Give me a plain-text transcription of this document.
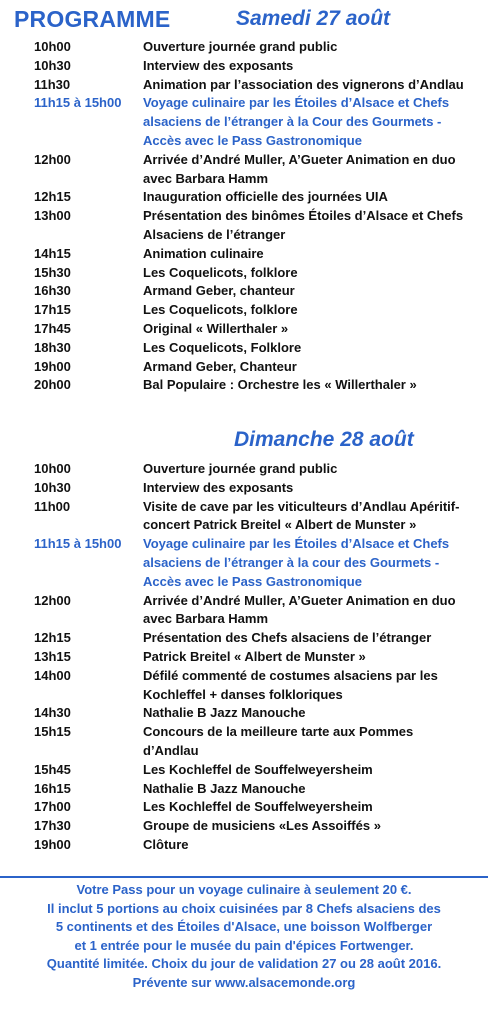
PROGRAMME	Samedi 27 août
10h00	Ouverture journée grand public
10h30	Interview des exposants
11h30	Animation par l’association des vignerons d’Andlau
11h15 à 15h00	Voyage culinaire par les Étoiles d’Alsace et Chefs alsaciens de l’étranger à la Cour des Gourmets - Accès avec le Pass Gastronomique
12h00	Arrivée d’André Muller, A’Gueter Animation en duo avec Barbara Hamm
12h15	Inauguration officielle des journées UIA
13h00	Présentation des binômes Étoiles d’Alsace et Chefs Alsaciens de l’étranger
14h15	Animation culinaire
15h30	Les Coquelicots, folklore
16h30	Armand Geber, chanteur
17h15	Les Coquelicots, folklore
17h45	Original « Willerthaler »
18h30	Les Coquelicots, Folklore
19h00	Armand Geber, Chanteur
20h00	Bal Populaire : Orchestre les « Willerthaler »
Dimanche 28 août
10h00	Ouverture journée grand public
10h30	Interview des exposants
11h00	Visite de cave par les viticulteurs d’Andlau Apéritif-concert Patrick Breitel « Albert de Munster »
11h15 à 15h00	Voyage culinaire par les Étoiles d’Alsace et Chefs alsaciens de l’étranger à la cour des Gourmets - Accès avec le Pass Gastronomique
12h00	Arrivée d’André Muller, A’Gueter Animation en duo avec Barbara Hamm
12h15	Présentation des Chefs alsaciens de l’étranger
13h15	Patrick Breitel « Albert de Munster »
14h00	Défilé commenté de costumes alsaciens par les Kochleffel + danses folkloriques
14h30	Nathalie B Jazz Manouche
15h15	Concours de la meilleure tarte aux Pommes d’Andlau
15h45	Les Kochleffel de Souffelweyersheim
16h15	Nathalie B Jazz Manouche
17h00	Les Kochleffel de Souffelweyersheim
17h30	Groupe de musiciens «Les Assoiffés »
19h00	Clôture
Votre Pass pour un voyage culinaire à seulement 20 €.
Il inclut 5 portions au choix cuisinées par 8 Chefs alsaciens des
5 continents et des Étoiles d'Alsace, une boisson Wolfberger
et 1 entrée pour le musée du pain d'épices Fortwenger.
Quantité limitée. Choix du jour de validation 27 ou 28 août 2016.
Prévente sur www.alsacemonde.org
